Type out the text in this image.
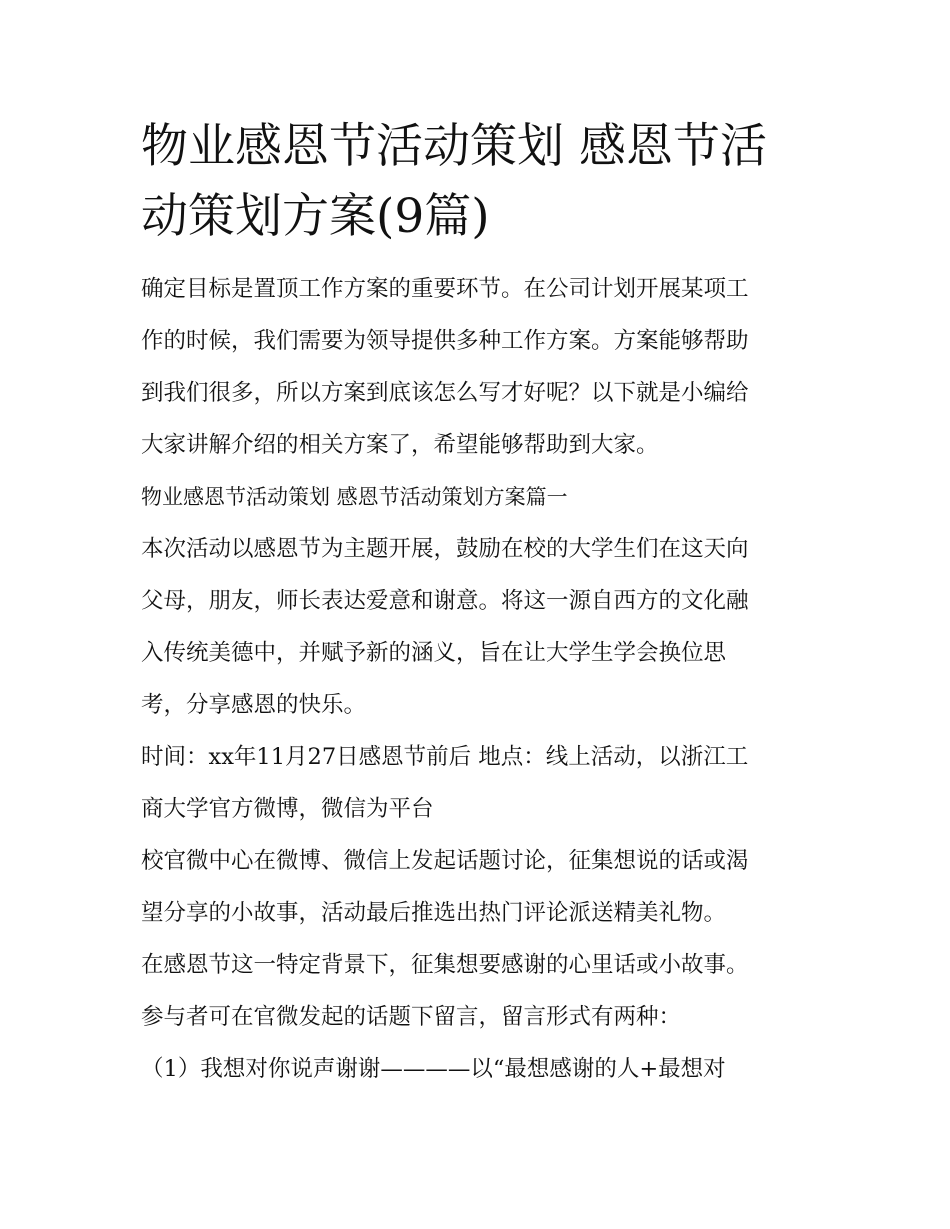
物业感恩节活动策划 感恩节活
动策划方案(9篇)
确定目标是置顶工作方案的重要环节。在公司计划开展某项工
作的时候，我们需要为领导提供多种工作方案。方案能够帮助
到我们很多，所以方案到底该怎么写才好呢？以下就是小编给
大家讲解介绍的相关方案了，希望能够帮助到大家。
物业感恩节活动策划 感恩节活动策划方案篇一
本次活动以感恩节为主题开展，鼓励在校的大学生们在这天向
父母，朋友，师长表达爱意和谢意。将这一源自西方的文化融
入传统美德中，并赋予新的涵义，旨在让大学生学会换位思
考，分享感恩的快乐。
时间：xx年11月27日感恩节前后 地点：线上活动，以浙江工
商大学官方微博，微信为平台
校官微中心在微博、微信上发起话题讨论，征集想说的话或渴
望分享的小故事，活动最后推选出热门评论派送精美礼物。
在感恩节这一特定背景下，征集想要感谢的心里话或小故事。
参与者可在官微发起的话题下留言，留言形式有两种：
（1）我想对你说声谢谢————以“最想感谢的人+最想对
